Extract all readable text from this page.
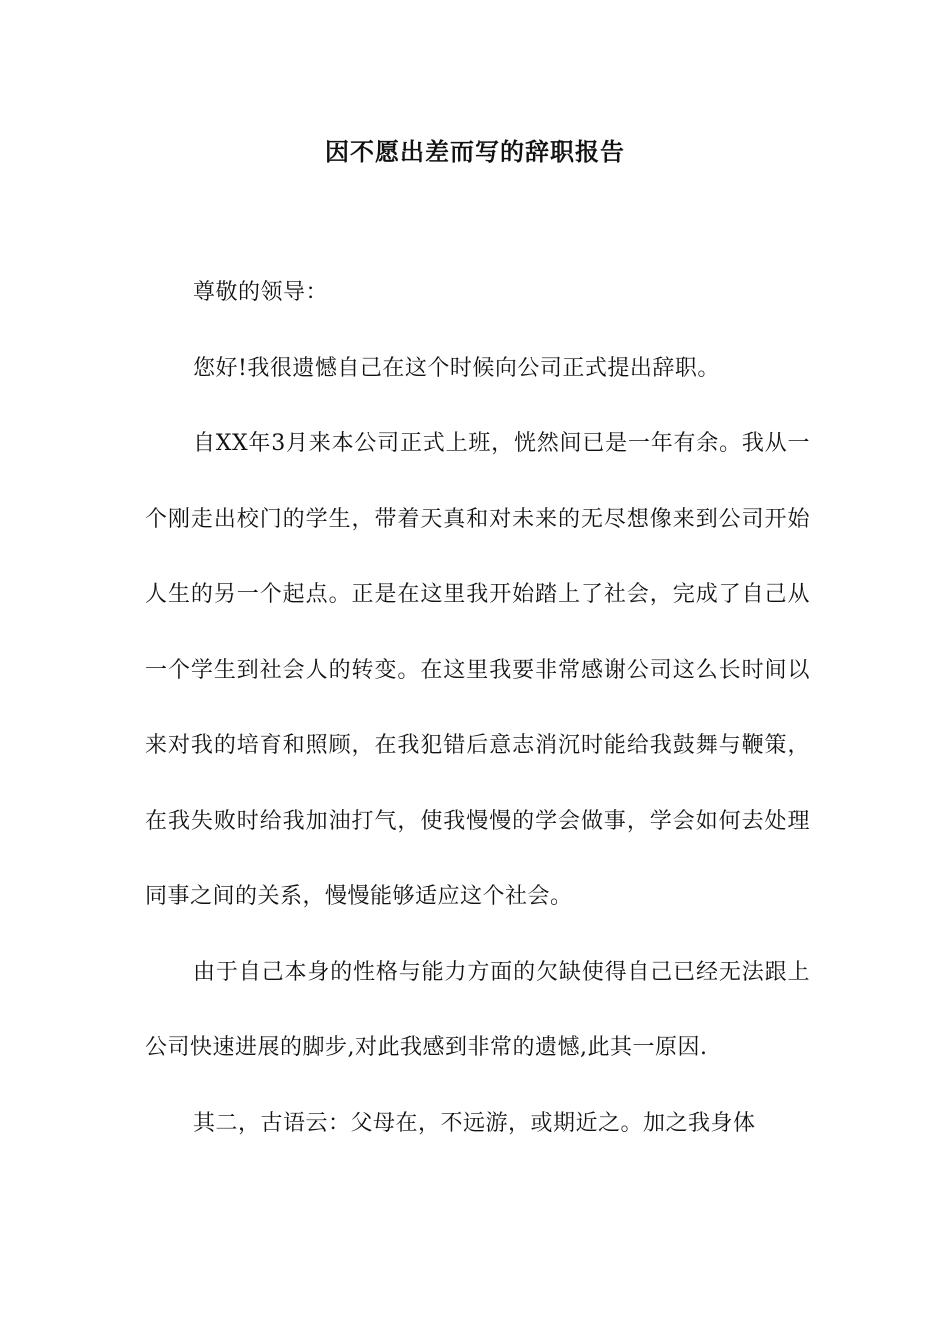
因不愿出差而写的辞职报告

尊敬的领导：

您好!我很遗憾自己在这个时候向公司正式提出辞职。

自XX年3月来本公司正式上班，恍然间已是一年有余。我从一个刚走出校门的学生，带着天真和对未来的无尽想像来到公司开始人生的另一个起点。正是在这里我开始踏上了社会，完成了自己从一个学生到社会人的转变。在这里我要非常感谢公司这么长时间以来对我的培育和照顾，在我犯错后意志消沉时能给我鼓舞与鞭策，在我失败时给我加油打气，使我慢慢的学会做事，学会如何去处理同事之间的关系，慢慢能够适应这个社会。

由于自己本身的性格与能力方面的欠缺使得自己已经无法跟上公司快速进展的脚步,对此我感到非常的遗憾,此其一原因.

其二，古语云：父母在，不远游，或期近之。加之我身体
